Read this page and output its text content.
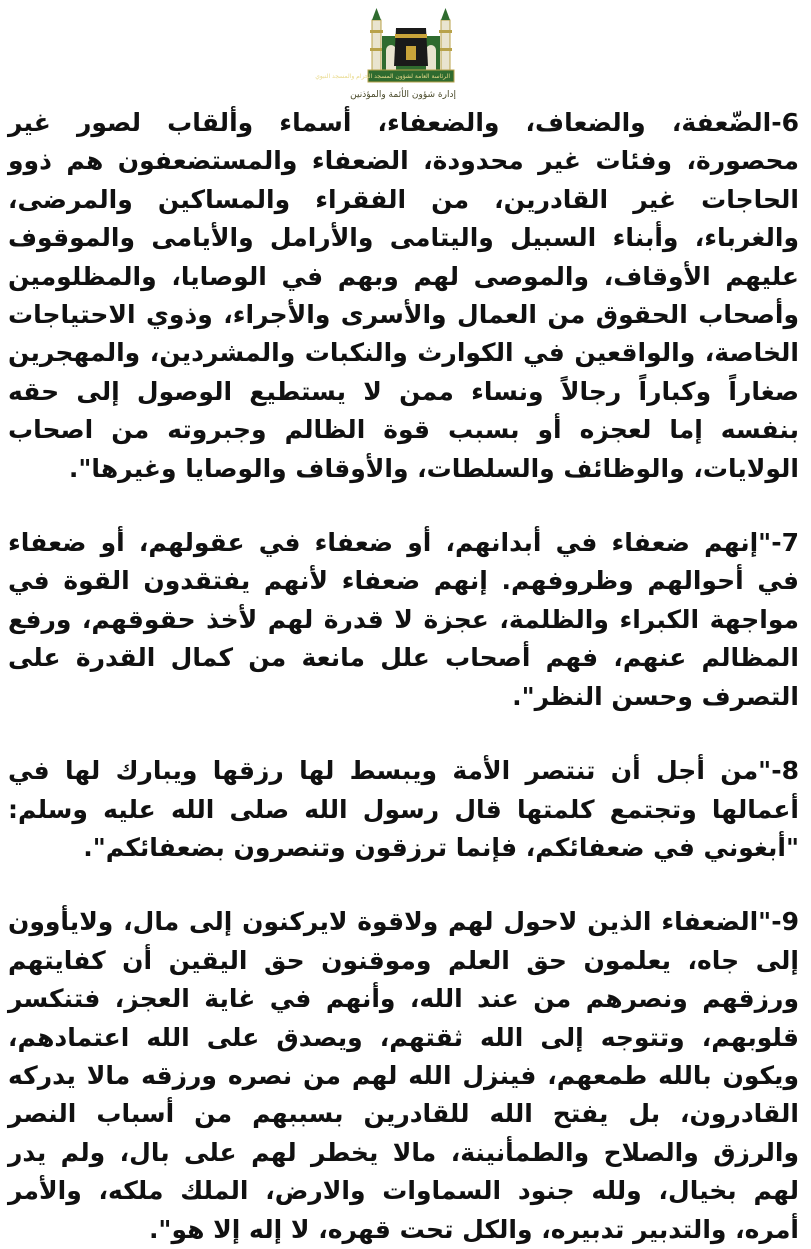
الرئاسة العامة لشؤون المسجد الحرام والمسجد النبوي
إدارة شؤون الأئمة والمؤذنين

6-الضّعفة، والضعاف، والضعفاء، أسماء وألقاب لصور غير محصورة، وفئات غير محدودة، الضعفاء والمستضعفون هم ذوو الحاجات غير القادرين، من الفقراء والمساكين والمرضى، والغرباء، وأبناء السبيل واليتامى والأرامل والأيامى والموقوف عليهم الأوقاف، والموصى لهم وبهم في الوصايا، والمظلومين وأصحاب الحقوق من العمال والأسرى والأجراء، وذوي الاحتياجات الخاصة، والواقعين في الكوارث والنكبات والمشردين، والمهجرين صغاراً وكباراً رجالاً ونساء ممن لا يستطيع الوصول إلى حقه بنفسه إما لعجزه أو بسبب قوة الظالم وجبروته من اصحاب الولايات، والوظائف والسلطات، والأوقاف والوصايا وغيرها".

7-"إنهم ضعفاء في أبدانهم، أو ضعفاء في عقولهم، أو ضعفاء في أحوالهم وظروفهم. إنهم ضعفاء لأنهم يفتقدون القوة في مواجهة الكبراء والظلمة، عجزة لا قدرة لهم لأخذ حقوقهم، ورفع المظالم عنهم، فهم أصحاب علل مانعة من كمال القدرة على التصرف وحسن النظر".

8-"من أجل أن تنتصر الأمة ويبسط لها رزقها ويبارك لها في أعمالها وتجتمع كلمتها قال رسول الله صلى الله عليه وسلم: "أبغوني في ضعفائكم، فإنما ترزقون وتنصرون بضعفائكم".

9-"الضعفاء الذين لاحول لهم ولاقوة لايركنون إلى مال، ولايأوون إلى جاه، يعلمون حق العلم وموقنون حق اليقين أن كفايتهم ورزقهم ونصرهم من عند الله، وأنهم في غاية العجز، فتنكسر قلوبهم، وتتوجه إلى الله ثقتهم، ويصدق على الله اعتمادهم، ويكون بالله طمعهم، فينزل الله لهم من نصره ورزقه مالا يدركه القادرون، بل يفتح الله للقادرين بسببهم من أسباب النصر والرزق والصلاح والطمأنينة، مالا يخطر لهم على بال، ولم يدر لهم بخيال، ولله جنود السماوات والارض، الملك ملكه، والأمر أمره، والتدبير تدبيره، والكل تحت قهره، لا إله إلا هو".
